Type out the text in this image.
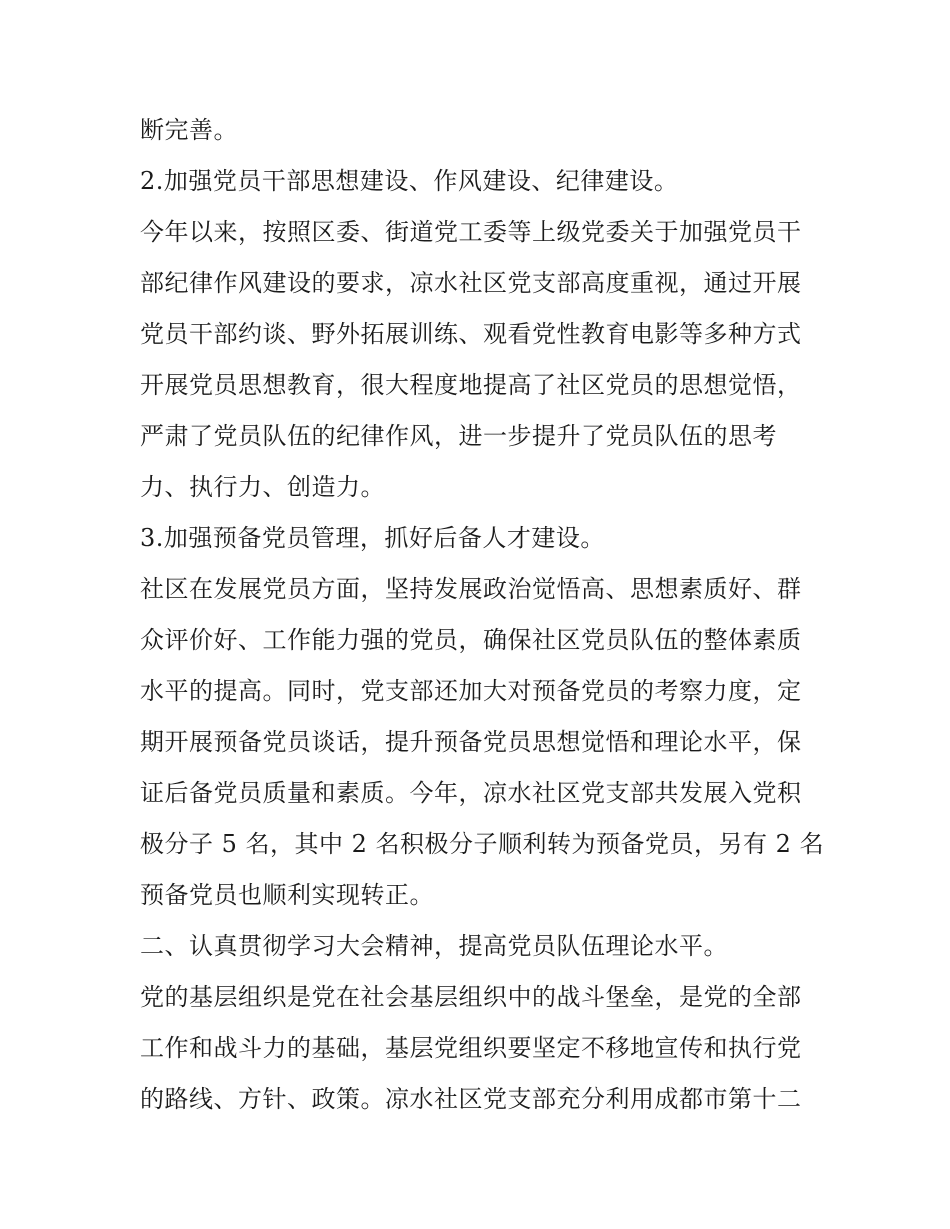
断完善。
2.加强党员干部思想建设、作风建设、纪律建设。
今年以来，按照区委、街道党工委等上级党委关于加强党员干
部纪律作风建设的要求，凉水社区党支部高度重视，通过开展
党员干部约谈、野外拓展训练、观看党性教育电影等多种方式
开展党员思想教育，很大程度地提高了社区党员的思想觉悟，
严肃了党员队伍的纪律作风，进一步提升了党员队伍的思考
力、执行力、创造力。
3.加强预备党员管理，抓好后备人才建设。
社区在发展党员方面，坚持发展政治觉悟高、思想素质好、群
众评价好、工作能力强的党员，确保社区党员队伍的整体素质
水平的提高。同时，党支部还加大对预备党员的考察力度，定
期开展预备党员谈话，提升预备党员思想觉悟和理论水平，保
证后备党员质量和素质。今年，凉水社区党支部共发展入党积
极分子 5 名，其中 2 名积极分子顺利转为预备党员，另有 2 名
预备党员也顺利实现转正。
二、认真贯彻学习大会精神，提高党员队伍理论水平。
党的基层组织是党在社会基层组织中的战斗堡垒，是党的全部
工作和战斗力的基础，基层党组织要坚定不移地宣传和执行党
的路线、方针、政策。凉水社区党支部充分利用成都市第十二
